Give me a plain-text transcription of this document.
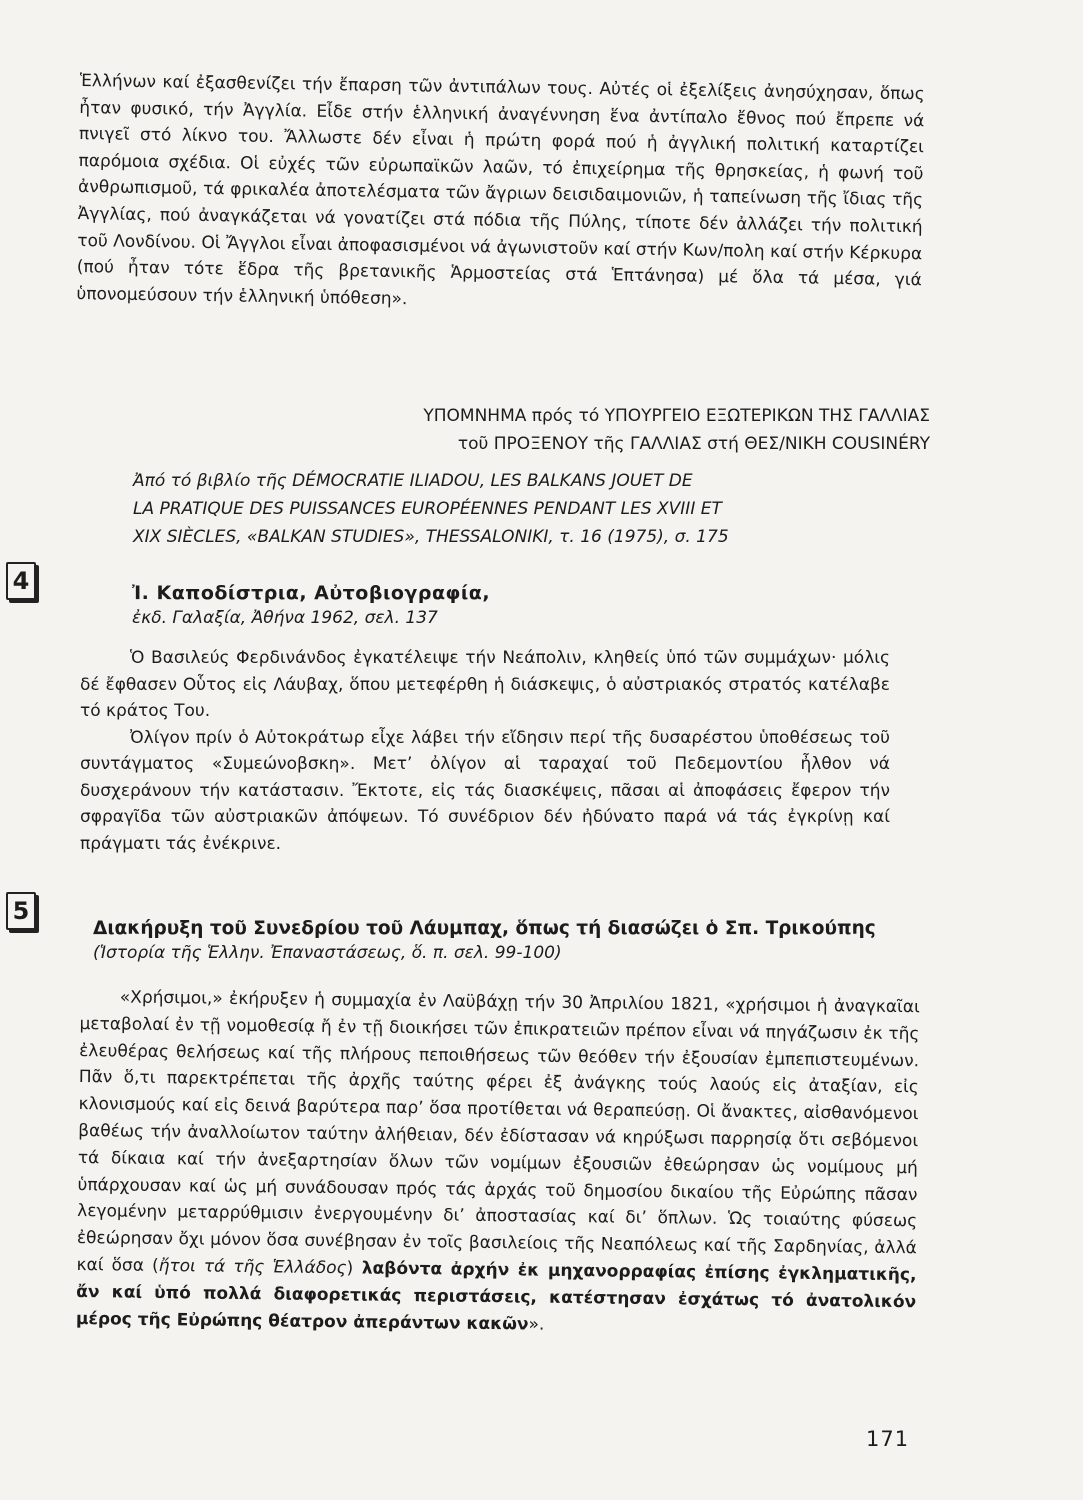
Ἑλλήνων καί ἐξασθενίζει τήν ἔπαρση τῶν ἀντιπάλων τους. Αὐτές οἱ ἐξελίξεις ἀνησύχησαν, ὅπως ἦταν φυσικό, τήν Ἀγγλία. Εἶδε στήν ἑλληνική ἀναγέννηση ἕνα ἀντίπαλο ἔθνος πού ἔπρεπε νά πνιγεῖ στό λίκνο του. Ἄλλωστε δέν εἶναι ἡ πρώτη φορά πού ἡ ἀγγλική πολιτική καταρτίζει παρόμοια σχέδια. Οἱ εὐχές τῶν εὐρωπαϊκῶν λαῶν, τό ἐπιχείρημα τῆς θρησκείας, ἡ φωνή τοῦ ἀνθρωπισμοῦ, τά φρικαλέα ἀποτελέσματα τῶν ἄγριων δεισιδαιμονιῶν, ἡ ταπείνωση τῆς ἴδιας τῆς Ἀγγλίας, πού ἀναγκάζεται νά γονατίζει στά πόδια τῆς Πύλης, τίποτε δέν ἀλλάζει τήν πολιτική τοῦ Λονδίνου. Οἱ Ἄγγλοι εἶναι ἀποφασισμένοι νά ἀγωνιστοῦν καί στήν Κων/πολη καί στήν Κέρκυρα (πού ἦταν τότε ἕδρα τῆς βρετανικῆς Ἁρμοστείας στά Ἑπτάνησα) μέ ὅλα τά μέσα, γιά ὑπονομεύσουν τήν ἑλληνική ὑπόθεση».

ΥΠΟΜΝΗΜΑ πρός τό ΥΠΟΥΡΓΕΙΟ ΕΞΩΤΕΡΙΚΩΝ ΤΗΣ ΓΑΛΛΙΑΣ

τοῦ ΠΡΟΞΕΝΟΥ τῆς ΓΑΛΛΙΑΣ στή ΘΕΣ/ΝΙΚΗ COUSINÉRY

Ἀπό τό βιβλίο τῆς DÉMOCRATIE ILIADOU, LES BALKANS JOUET DE

LA PRATIQUE DES PUISSANCES EUROPÉENNES PENDANT LES XVIII ET

XIX SIÈCLES, «BALKAN STUDIES», THESSALONIKI, τ. 16 (1975), σ. 175

4	Ἰ. Καποδίστρια, Αὐτοβιογραφία,

ἐκδ. Γαλαξία, Ἀθήνα 1962, σελ. 137

Ὁ Βασιλεύς Φερδινάνδος ἐγκατέλειψε τήν Νεάπολιν, κληθείς ὑπό τῶν συμμάχων· μόλις δέ ἔφθασεν Οὗτος εἰς Λάυβαχ, ὅπου μετεφέρθη ἡ διάσκεψις, ὁ αὐστριακός στρατός κατέλαβε τό κράτος Του.

Ὀλίγον πρίν ὁ Αὐτοκράτωρ εἶχε λάβει τήν εἴδησιν περί τῆς δυσαρέστου ὑποθέσεως τοῦ συντάγματος «Συμεώνοβσκη». Μετ’ ὀλίγον αἱ ταραχαί τοῦ Πεδεμοντίου ἦλθον νά δυσχεράνουν τήν κατάστασιν. Ἔκτοτε, εἰς τάς διασκέψεις, πᾶσαι αἱ ἀποφάσεις ἔφερον τήν σφραγῖδα τῶν αὐστριακῶν ἀπόψεων. Τό συνέδριον δέν ἠδύνατο παρά νά τάς ἐγκρίνῃ καί πράγματι τάς ἐνέκρινε.

5

Διακήρυξη τοῦ Συνεδρίου τοῦ Λάυμπαχ, ὅπως τή διασώζει ὁ Σπ. Τρικούπης

(Ἱστορία τῆς Ἑλλην. Ἐπαναστάσεως, ὅ. π. σελ. 99-100)

«Χρήσιμοι,» ἐκήρυξεν ἡ συμμαχία ἐν Λαϋβάχῃ τήν 30 Ἀπριλίου 1821, «χρήσιμοι ἡ ἀναγκαῖαι μεταβολαί ἐν τῇ νομοθεσίᾳ ἤ ἐν τῇ διοικήσει τῶν ἐπικρατειῶν πρέπον εἶναι νά πηγάζωσιν ἐκ τῆς ἐλευθέρας θελήσεως καί τῆς πλήρους πεποιθήσεως τῶν θεόθεν τήν ἐξουσίαν ἐμπεπιστευμένων. Πᾶν ὅ,τι παρεκτρέπεται τῆς ἀρχῆς ταύτης φέρει ἐξ ἀνάγκης τούς λαούς εἰς ἀταξίαν, εἰς κλονισμούς καί εἰς δεινά βαρύτερα παρ’ ὅσα προτίθεται νά θεραπεύσῃ. Οἱ ἄνακτες, αἰσθανόμενοι βαθέως τήν ἀναλλοίωτον ταύτην ἀλήθειαν, δέν ἐδίστασαν νά κηρύξωσι παρρησίᾳ ὅτι σεβόμενοι τά δίκαια καί τήν ἀνεξαρτησίαν ὅλων τῶν νομίμων ἐξουσιῶν ἐθεώρησαν ὡς νομίμους μή ὑπάρχουσαν καί ὡς μή συνάδουσαν πρός τάς ἀρχάς τοῦ δημοσίου δικαίου τῆς Εὐρώπης πᾶσαν λεγομένην μεταρρύθμισιν ἐνεργουμένην δι’ ἀποστασίας καί δι’ ὅπλων. Ὡς τοιαύτης φύσεως ἐθεώρησαν ὄχι μόνον ὅσα συνέβησαν ἐν τοῖς βασιλείοις τῆς Νεαπόλεως καί τῆς Σαρδηνίας, ἀλλά καί ὅσα (ἤτοι τά τῆς Ἑλλάδος) λαβόντα ἀρχήν ἐκ μηχανορραφίας ἐπίσης ἐγκληματικῆς, ἄν καί ὑπό πολλά διαφορετικάς περιστάσεις, κατέστησαν ἐσχάτως τό ἀνατολικόν μέρος τῆς Εὐρώπης θέατρον ἀπεράντων κακῶν».

171
